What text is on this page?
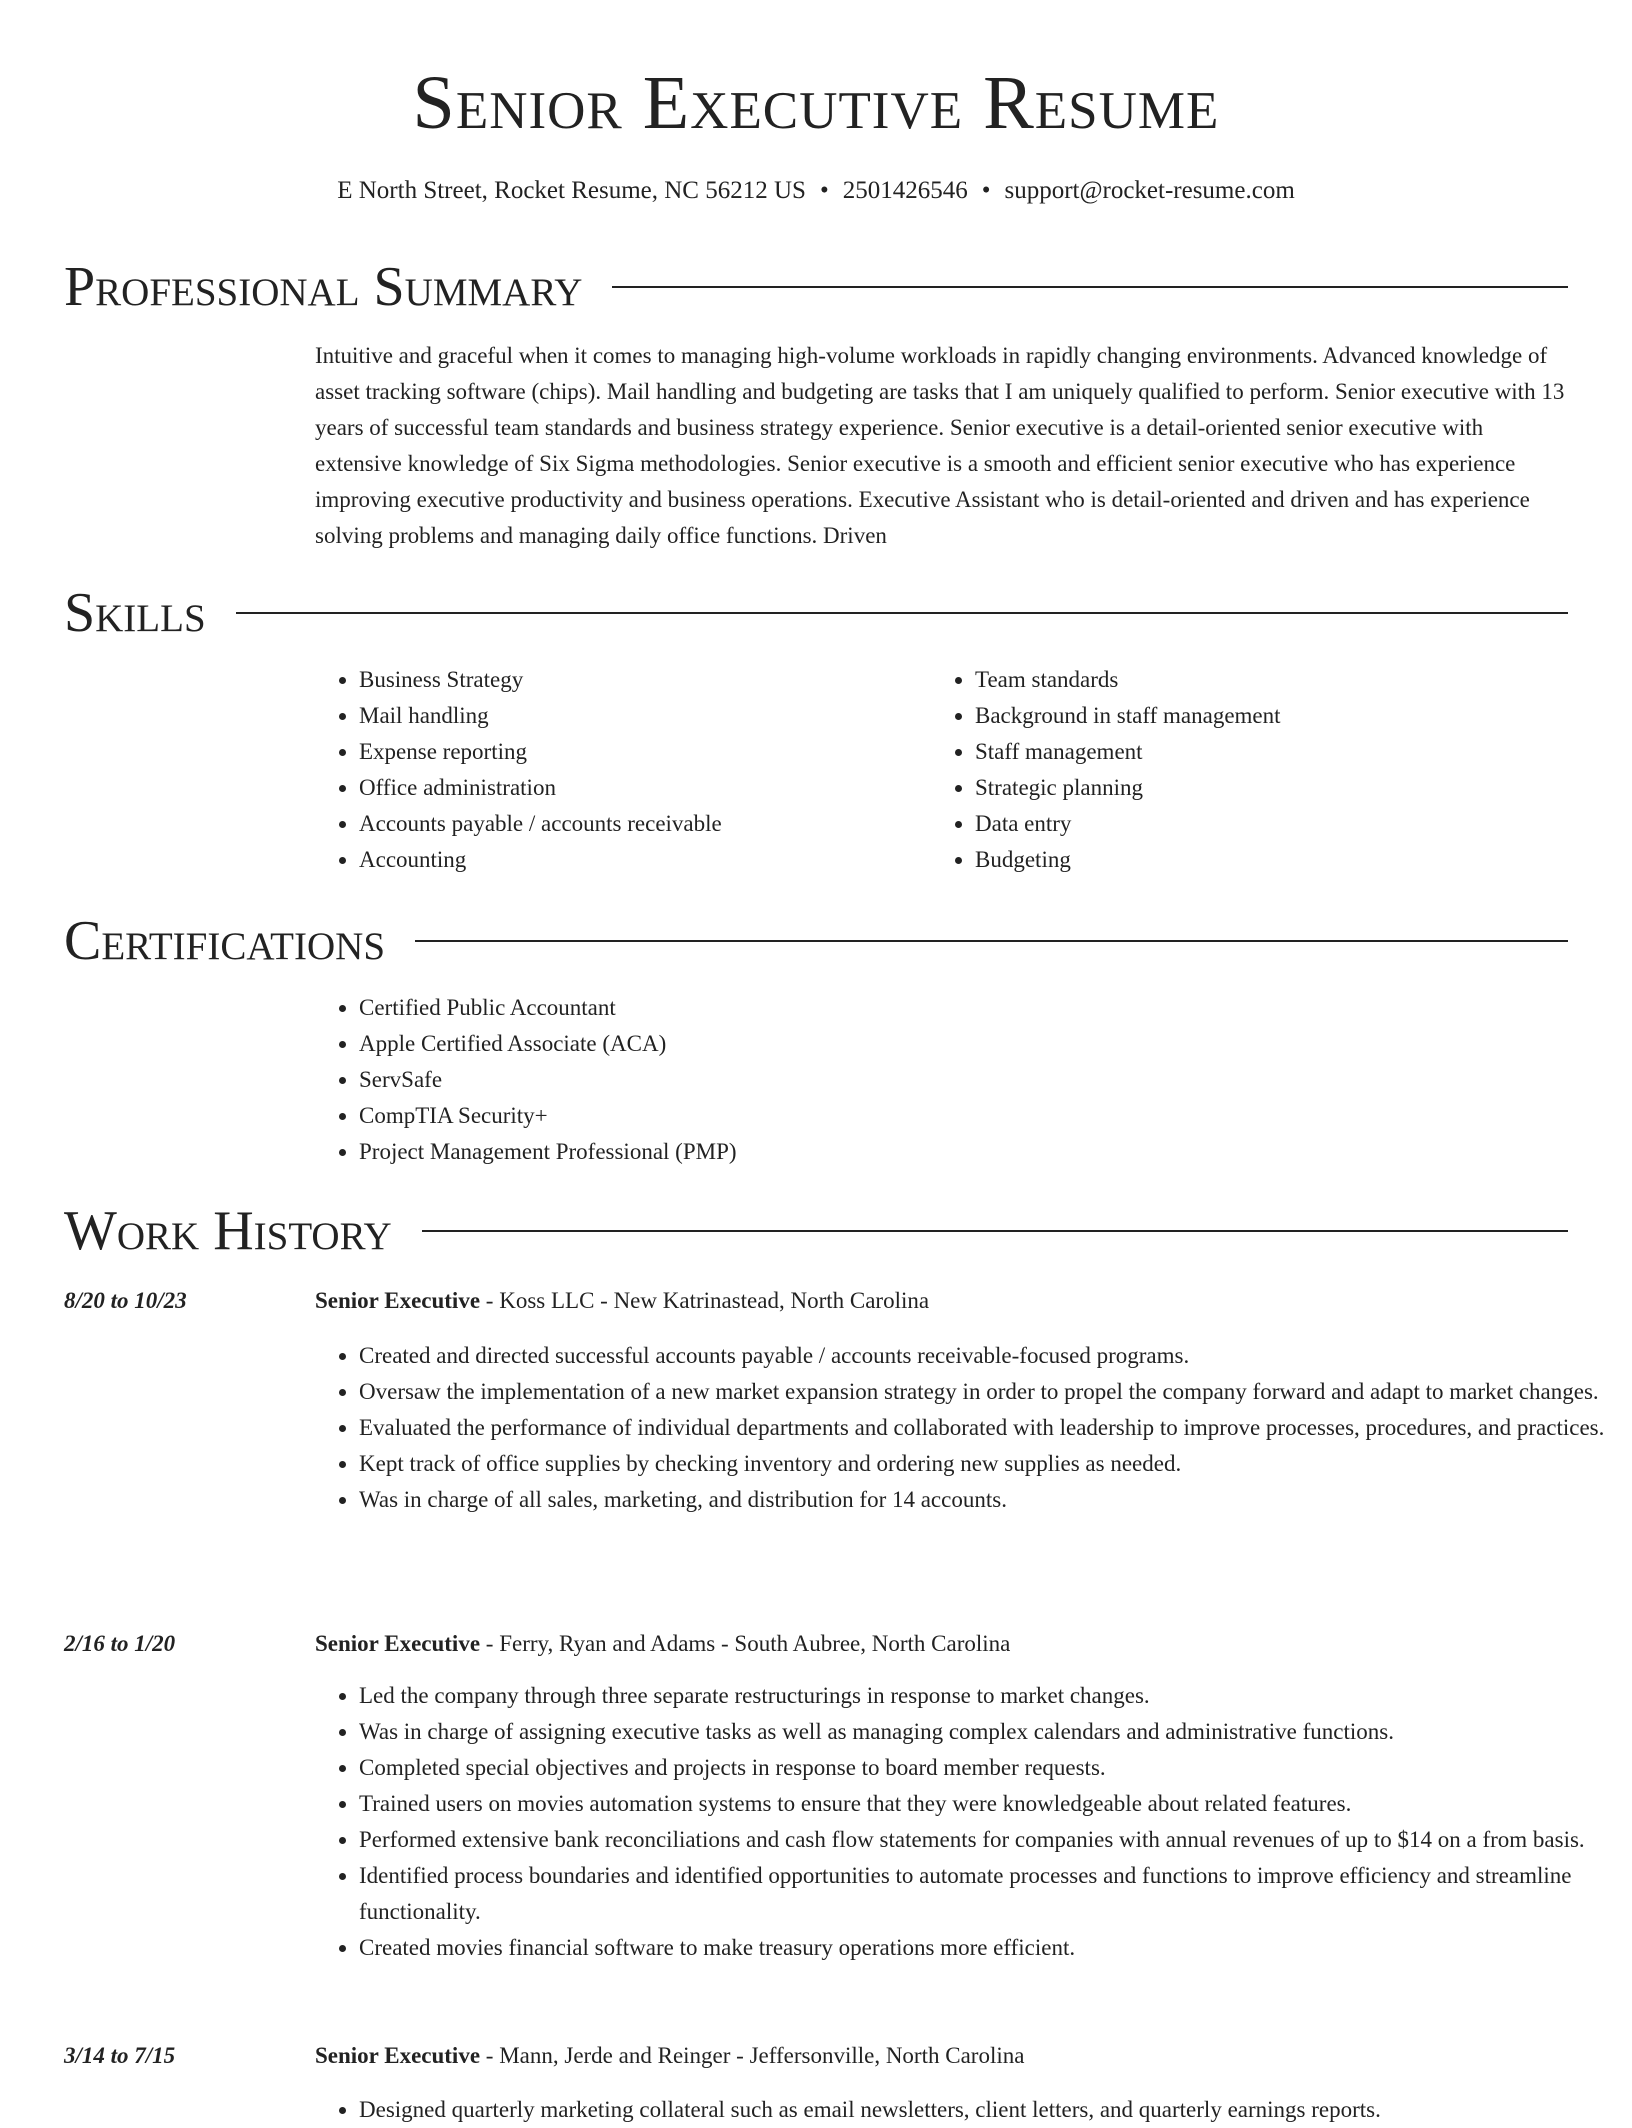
Senior Executive Resume
E North Street, Rocket Resume, NC 56212 US • 2501426546 • support@rocket-resume.com
Professional Summary

Intuitive and graceful when it comes to managing high-volume workloads in rapidly changing environments. Advanced knowledge of asset tracking software (chips). Mail handling and budgeting are tasks that I am uniquely qualified to perform. Senior executive with 13 years of successful team standards and business strategy experience. Senior executive is a detail-oriented senior executive with extensive knowledge of Six Sigma methodologies. Senior executive is a smooth and efficient senior executive who has experience improving executive productivity and business operations. Executive Assistant who is detail-oriented and driven and has experience solving problems and managing daily office functions. Driven

Skills
• Business Strategy
• Mail handling
• Expense reporting
• Office administration
• Accounts payable / accounts receivable
• Accounting
• Team standards
• Background in staff management
• Staff management
• Strategic planning
• Data entry
• Budgeting
Certifications
• Certified Public Accountant
• Apple Certified Associate (ACA)
• ServSafe
• CompTIA Security+
• Project Management Professional (PMP)
Work History
8/20 to 10/23	Senior Executive - Koss LLC - New Katrinastead, North Carolina
• Created and directed successful accounts payable / accounts receivable-focused programs.
• Oversaw the implementation of a new market expansion strategy in order to propel the company forward and adapt to market changes.
• Evaluated the performance of individual departments and collaborated with leadership to improve processes, procedures, and practices.
• Kept track of office supplies by checking inventory and ordering new supplies as needed.
• Was in charge of all sales, marketing, and distribution for 14 accounts.
2/16 to 1/20	Senior Executive - Ferry, Ryan and Adams - South Aubree, North Carolina
• Led the company through three separate restructurings in response to market changes.
• Was in charge of assigning executive tasks as well as managing complex calendars and administrative functions.
• Completed special objectives and projects in response to board member requests.
• Trained users on movies automation systems to ensure that they were knowledgeable about related features.
• Performed extensive bank reconciliations and cash flow statements for companies with annual revenues of up to $14 on a from basis.
• Identified process boundaries and identified opportunities to automate processes and functions to improve efficiency and streamline functionality.
• Created movies financial software to make treasury operations more efficient.
3/14 to 7/15	Senior Executive - Mann, Jerde and Reinger - Jeffersonville, North Carolina
• Designed quarterly marketing collateral such as email newsletters, client letters, and quarterly earnings reports.
